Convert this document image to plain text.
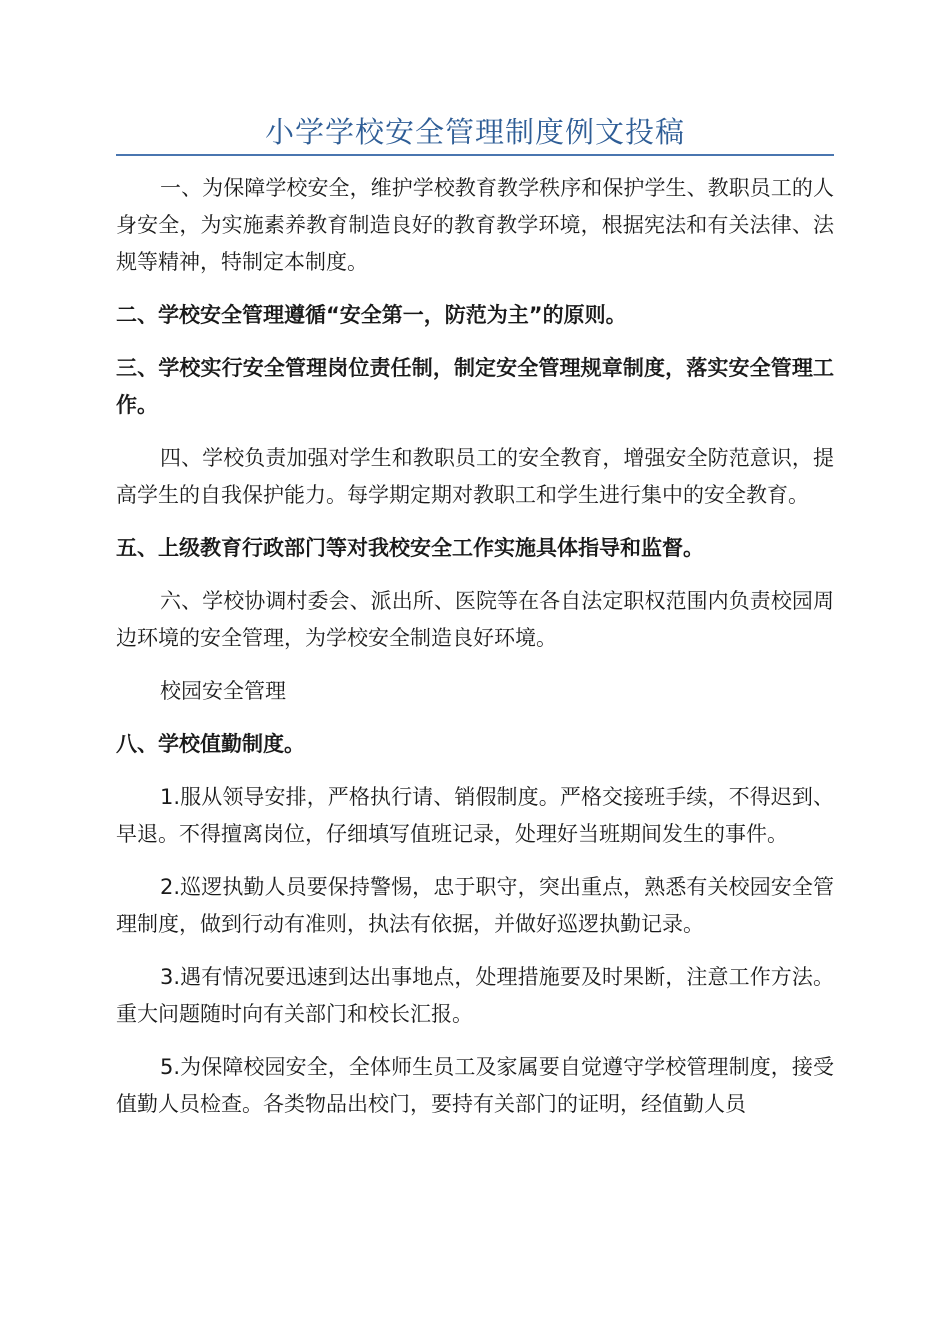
小学学校安全管理制度例文投稿

一、为保障学校安全，维护学校教育教学秩序和保护学生、教职员工的人身安全，为实施素养教育制造良好的教育教学环境，根据宪法和有关法律、法规等精神，特制定本制度。

二、学校安全管理遵循“安全第一，防范为主”的原则。

三、学校实行安全管理岗位责任制，制定安全管理规章制度，落实安全管理工作。

四、学校负责加强对学生和教职员工的安全教育，增强安全防范意识，提高学生的自我保护能力。每学期定期对教职工和学生进行集中的安全教育。

五、上级教育行政部门等对我校安全工作实施具体指导和监督。

六、学校协调村委会、派出所、医院等在各自法定职权范围内负责校园周边环境的安全管理，为学校安全制造良好环境。

校园安全管理

八、学校值勤制度。

1.服从领导安排，严格执行请、销假制度。严格交接班手续，不得迟到、早退。不得擅离岗位，仔细填写值班记录，处理好当班期间发生的事件。

2.巡逻执勤人员要保持警惕，忠于职守，突出重点，熟悉有关校园安全管理制度，做到行动有准则，执法有依据，并做好巡逻执勤记录。

3.遇有情况要迅速到达出事地点，处理措施要及时果断，注意工作方法。重大问题随时向有关部门和校长汇报。

5.为保障校园安全，全体师生员工及家属要自觉遵守学校管理制度，接受值勤人员检查。各类物品出校门，要持有关部门的证明，经值勤人员
